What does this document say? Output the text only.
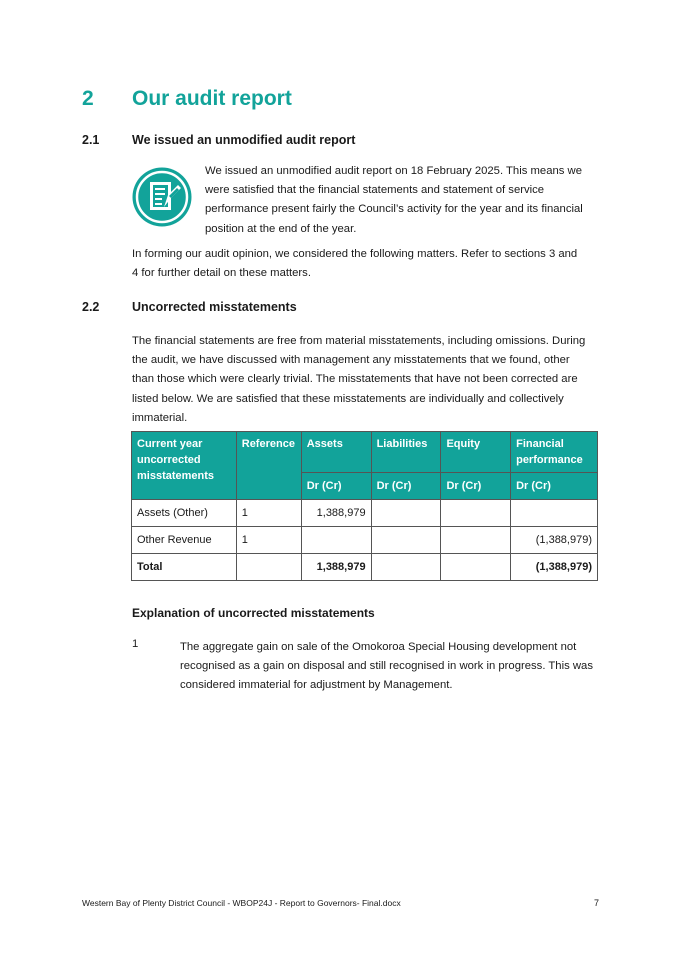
2 Our audit report
2.1	We issued an unmodified audit report
We issued an unmodified audit report on 18 February 2025. This means we
were satisfied that the financial statements and statement of service
performance present fairly the Council’s activity for the year and its financial
position at the end of the year.
In forming our audit opinion, we considered the following matters. Refer to sections 3 and
4 for further detail on these matters.
2.2	Uncorrected misstatements
The financial statements are free from material misstatements, including omissions. During
the audit, we have discussed with management any misstatements that we found, other
than those which were clearly trivial. The misstatements that have not been corrected are
listed below. We are satisfied that these misstatements are individually and collectively
immaterial.
Current year uncorrected misstatements	Reference	Assets	Liabilities	Equity	Financial performance
		Dr (Cr)	Dr (Cr)	Dr (Cr)	Dr (Cr)
Assets (Other)	1	1,388,979			
Other Revenue	1				(1,388,979)
Total		1,388,979			(1,388,979)
Explanation of uncorrected misstatements
1	The aggregate gain on sale of the Omokoroa Special Housing development not
recognised as a gain on disposal and still recognised in work in progress. This was
considered immaterial for adjustment by Management.
Western Bay of Plenty District Council - WBOP24J - Report to Governors- Final.docx	7
